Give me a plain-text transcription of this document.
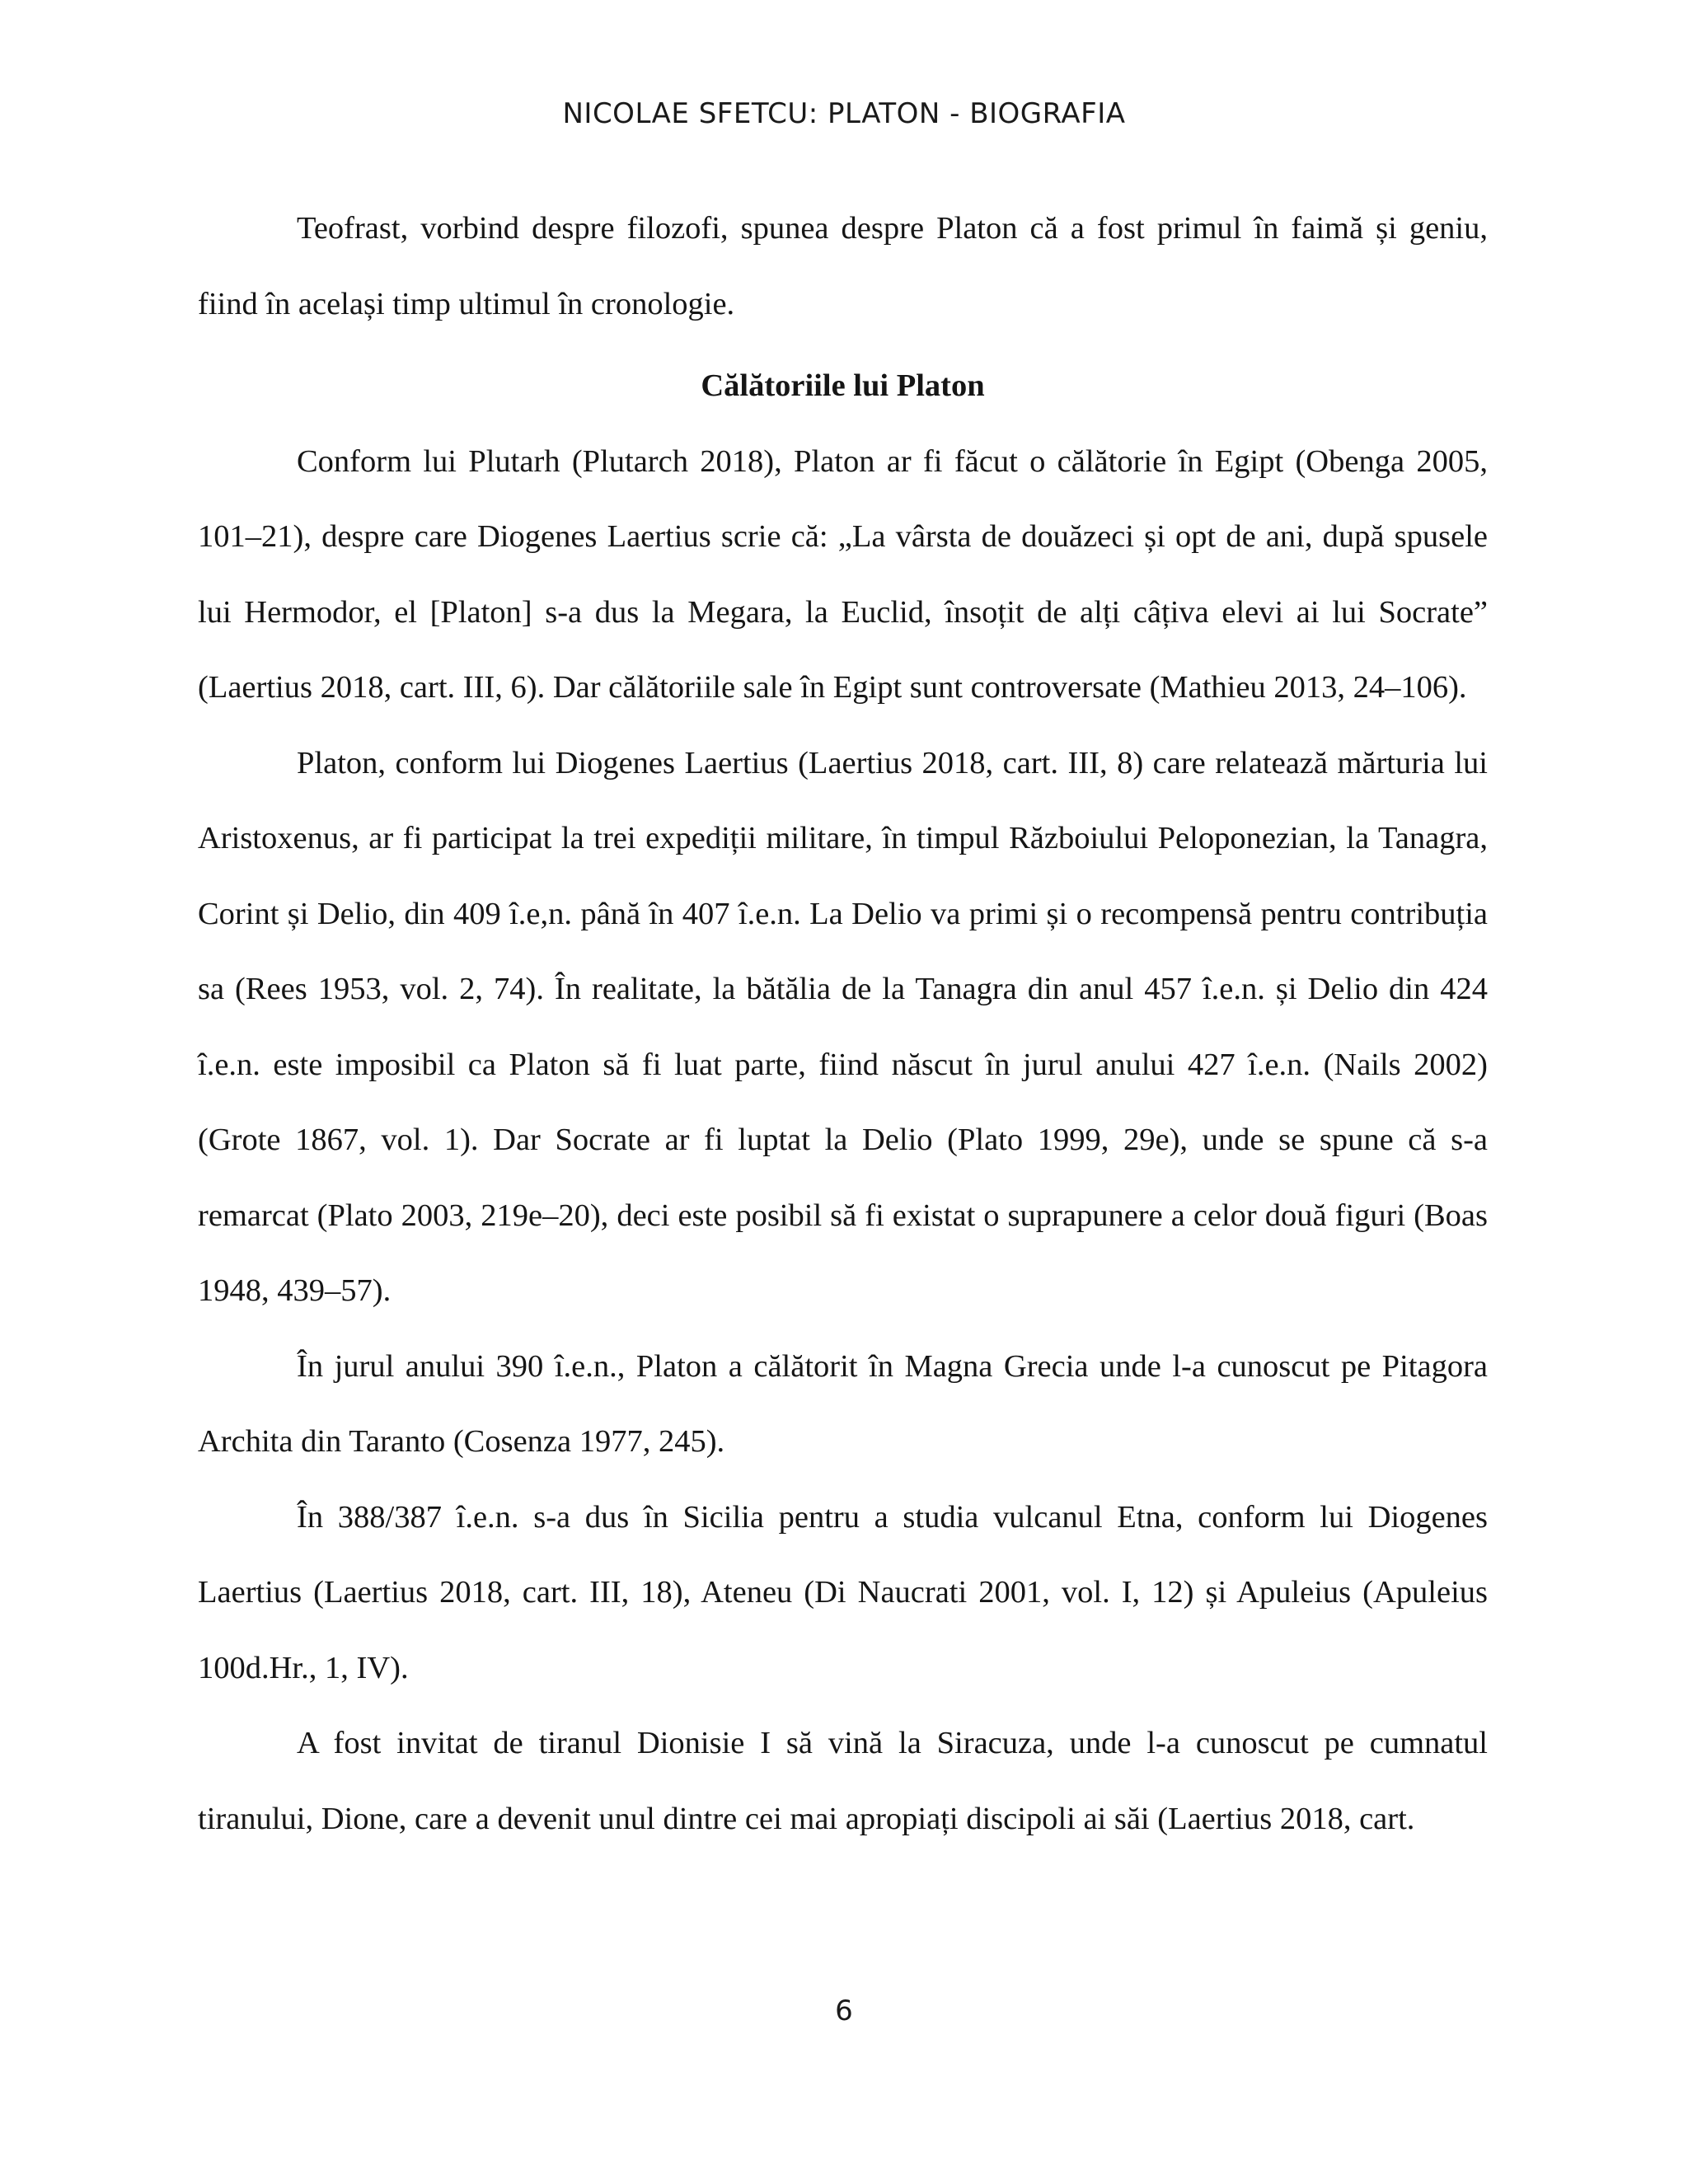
NICOLAE SFETCU: PLATON - BIOGRAFIA

Teofrast, vorbind despre filozofi, spunea despre Platon că a fost primul în faimă și geniu, fiind în același timp ultimul în cronologie.

Călătoriile lui Platon

Conform lui Plutarh (Plutarch 2018), Platon ar fi făcut o călătorie în Egipt (Obenga 2005, 101–21), despre care Diogenes Laertius scrie că: „La vârsta de douăzeci și opt de ani, după spusele lui Hermodor, el [Platon] s-a dus la Megara, la Euclid, însoțit de alți câțiva elevi ai lui Socrate” (Laertius 2018, cart. III, 6). Dar călătoriile sale în Egipt sunt controversate (Mathieu 2013, 24–106).

Platon, conform lui Diogenes Laertius (Laertius 2018, cart. III, 8) care relatează mărturia lui Aristoxenus, ar fi participat la trei expediții militare, în timpul Războiului Peloponezian, la Tanagra, Corint și Delio, din 409 î.e,n. până în 407 î.e.n. La Delio va primi și o recompensă pentru contribuția sa (Rees 1953, vol. 2, 74). În realitate, la bătălia de la Tanagra din anul 457 î.e.n. și Delio din 424 î.e.n. este imposibil ca Platon să fi luat parte, fiind născut în jurul anului 427 î.e.n. (Nails 2002) (Grote 1867, vol. 1). Dar Socrate ar fi luptat la Delio (Plato 1999, 29e), unde se spune că s-a remarcat (Plato 2003, 219e–20), deci este posibil să fi existat o suprapunere a celor două figuri (Boas 1948, 439–57).

În jurul anului 390 î.e.n., Platon a călătorit în Magna Grecia unde l-a cunoscut pe Pitagora Archita din Taranto (Cosenza 1977, 245).

În 388/387 î.e.n. s-a dus în Sicilia pentru a studia vulcanul Etna, conform lui Diogenes Laertius (Laertius 2018, cart. III, 18), Ateneu (Di Naucrati 2001, vol. I, 12) și Apuleius (Apuleius 100d.Hr., 1, IV).

A fost invitat de tiranul Dionisie I să vină la Siracuza, unde l-a cunoscut pe cumnatul tiranului, Dione, care a devenit unul dintre cei mai apropiați discipoli ai săi (Laertius 2018, cart.

6
